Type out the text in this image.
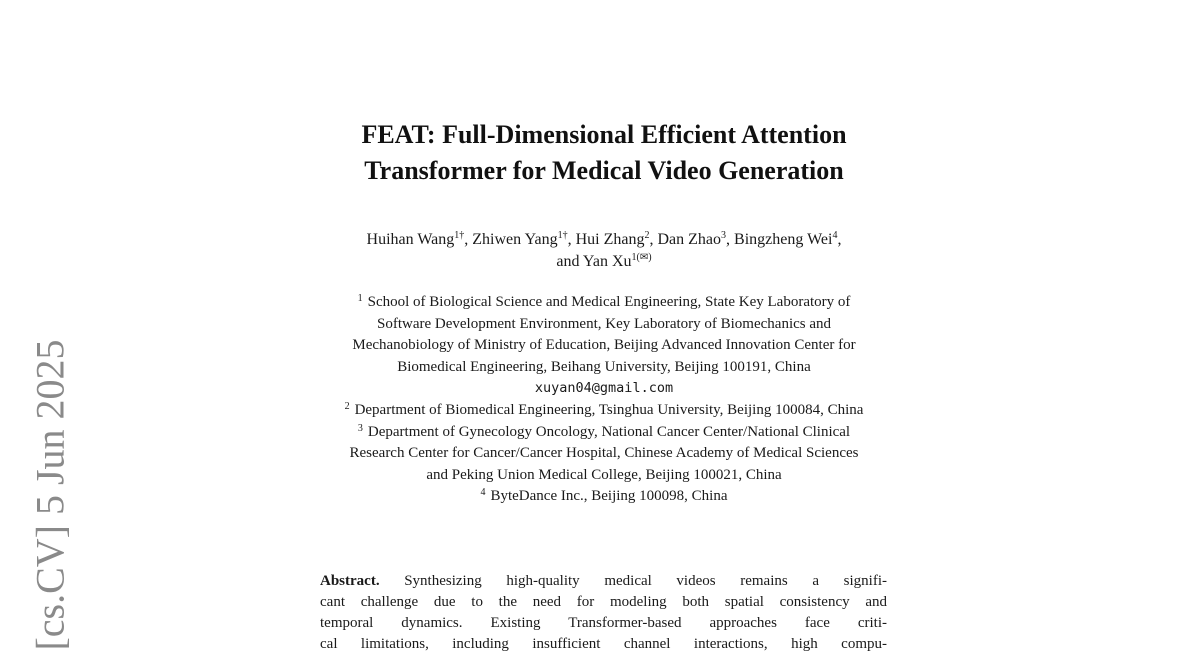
[cs.CV] 5 Jun 2025
FEAT: Full-Dimensional Efficient Attention
Transformer for Medical Video Generation
Huihan Wang$^{1\dagger}$, Zhiwen Yang$^{1\dagger}$, Hui Zhang$^2$, Dan Zhao$^3$, Bingzheng Wei$^4$,
and Yan $Xu^{1(✉)}$
$^1$ School of Biological Science and Medical Engineering, State Key Laboratory of
Software Development Environment, Key Laboratory of Biomechanics and
Mechanobiology of Ministry of Education, Beijing Advanced Innovation Center for
Biomedical Engineering, Beihang University, Beijing 100191, China
xuyan04@gmail.com
$^2$ Department of Biomedical Engineering, Tsinghua University, Beijing 100084, China
$^3$ Department of Gynecology Oncology, National Cancer Center/National Clinical
Research Center for Cancer/Cancer Hospital, Chinese Academy of Medical Sciences
and Peking Union Medical College, Beijing 100021, China
$^4$ ByteDance Inc., Beijing 100098, China
Abstract. Synthesizing high-quality medical videos remains a signifi-
cant challenge due to the need for modeling both spatial consistency and
temporal dynamics. Existing Transformer-based approaches face criti-
cal limitations, including insufficient channel interactions, high compu-
